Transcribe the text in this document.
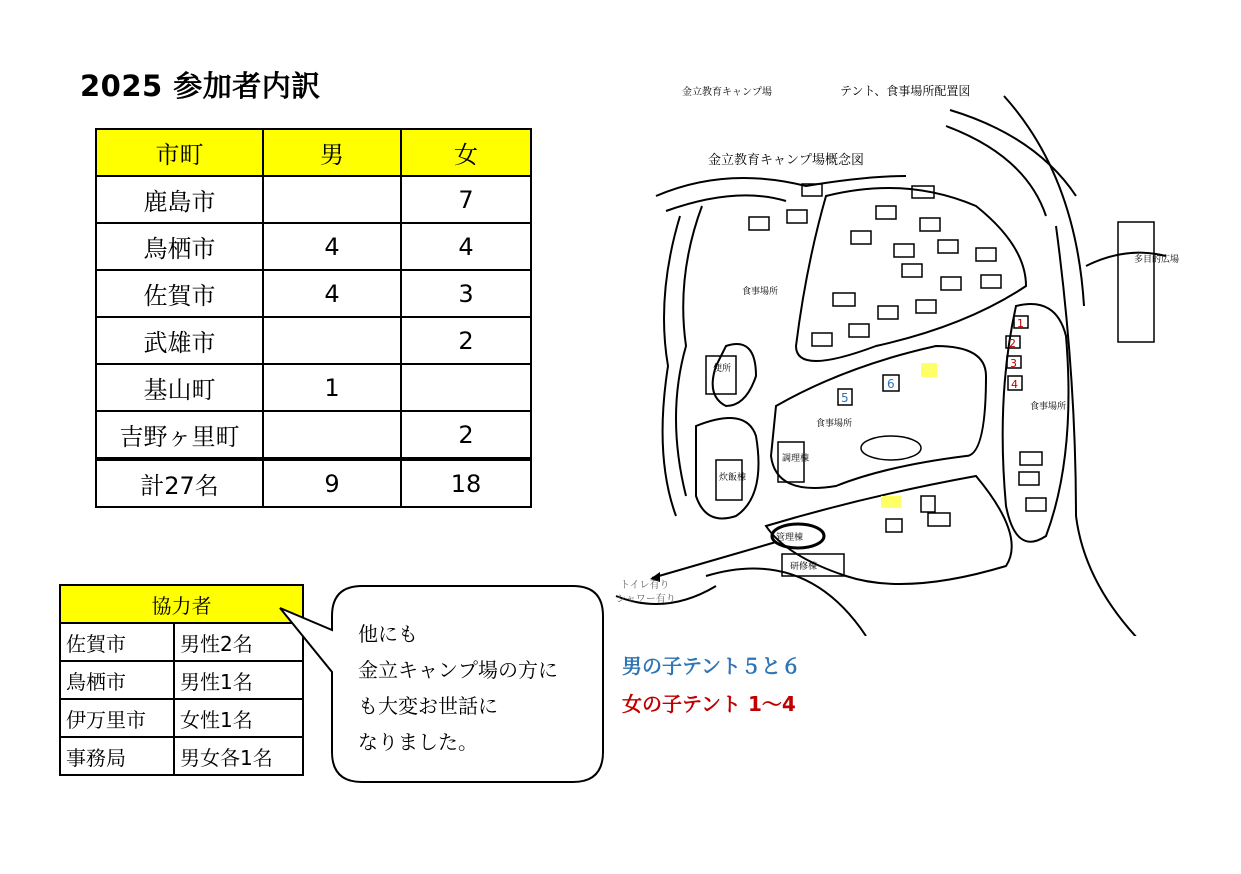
2025 参加者内訳
市町	男	女
鹿島市		7
鳥栖市	4	4
佐賀市	4	3
武雄市		2
基山町	1	
吉野ヶ里町		2
計27名	9	18
協力者	
佐賀市	男性2名
鳥栖市	男性1名
伊万里市	女性1名
事務局	男女各1名
他にも
金立キャンプ場の方に
も大変お世話に
なりました。
金立教育キャンプ場	テント、食事場所配置図
金立教育キャンプ場概念図
1
2
3
4
5
6
便所
調理棟
炊飯棟
管理棟
研修棟
多目的広場
食事場所
食事場所
食事場所
トイレ有り
シャワー有り
男の子テント５と６
女の子テント 1〜4
